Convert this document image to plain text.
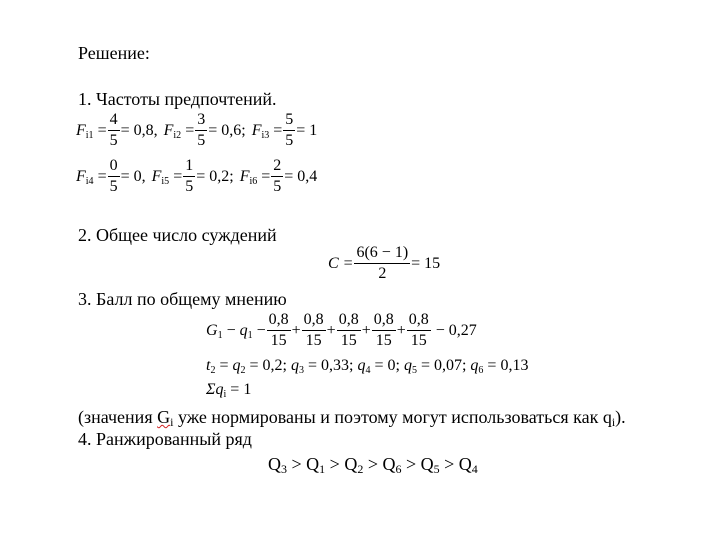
Решение:
1. Частоты предпочтений.
$F_{i1} = \frac{4}{5} = 0,8$, $F_{i2} = \frac{3}{5} = 0,6$; $F_{i3} = \frac{5}{5} = 1$
$F_{i4} = \frac{0}{5} = 0$, $F_{i5} = \frac{1}{5} = 0,2$; $F_{i6} = \frac{2}{5} = 0,4$
2. Общее число суждений
$C = \frac{6(6 - 1)}{2} = 15$
3. Балл по общему мнению
$G_1 - q_1 - \frac{0,8}{15} + \frac{0,8}{15} + \frac{0,8}{15} + \frac{0,8}{15} + \frac{0,8}{15} - 0,27$
$t_2 = q_2 = 0,2$; $q_3 = 0,33$; $q_4 = 0$; $q_5 = 0,07$; $q_6 = 0,13$
$\Sigma q_i = 1$
(значения Gi уже нормированы и поэтому могут использоваться как qi).
4. Ранжированный ряд
Q3 > Q1 > Q2 > Q6 > Q5 > Q4
